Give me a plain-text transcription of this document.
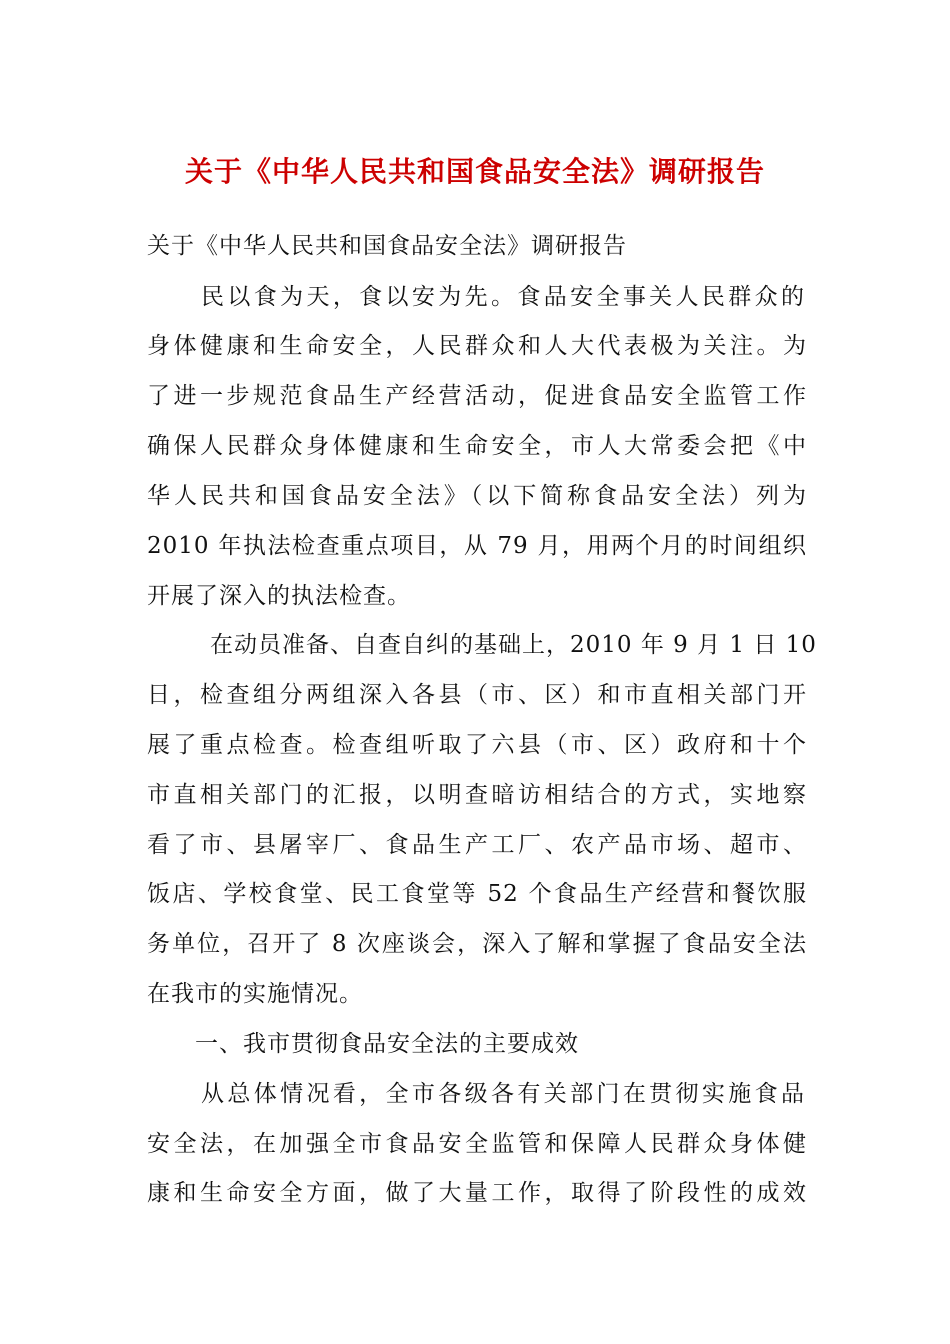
关于《中华人民共和国食品安全法》调研报告
关于《中华人民共和国食品安全法》调研报告
民以食为天，食以安为先。食品安全事关人民群众的
身体健康和生命安全，人民群众和人大代表极为关注。为
了进一步规范食品生产经营活动，促进食品安全监管工作
确保人民群众身体健康和生命安全，市人大常委会把《中
华人民共和国食品安全法》（以下简称食品安全法）列为
2010 年执法检查重点项目，从 79 月，用两个月的时间组织
开展了深入的执法检查。
在动员准备、自查自纠的基础上，2010 年 9 月 1 日 10
日，检查组分两组深入各县（市、区）和市直相关部门开
展了重点检查。检查组听取了六县（市、区）政府和十个
市直相关部门的汇报，以明查暗访相结合的方式，实地察
看了市、县屠宰厂、食品生产工厂、农产品市场、超市、
饭店、学校食堂、民工食堂等 52 个食品生产经营和餐饮服
务单位，召开了 8 次座谈会，深入了解和掌握了食品安全法
在我市的实施情况。
一、我市贯彻食品安全法的主要成效
从总体情况看，全市各级各有关部门在贯彻实施食品
安全法，在加强全市食品安全监管和保障人民群众身体健
康和生命安全方面，做了大量工作，取得了阶段性的成效
